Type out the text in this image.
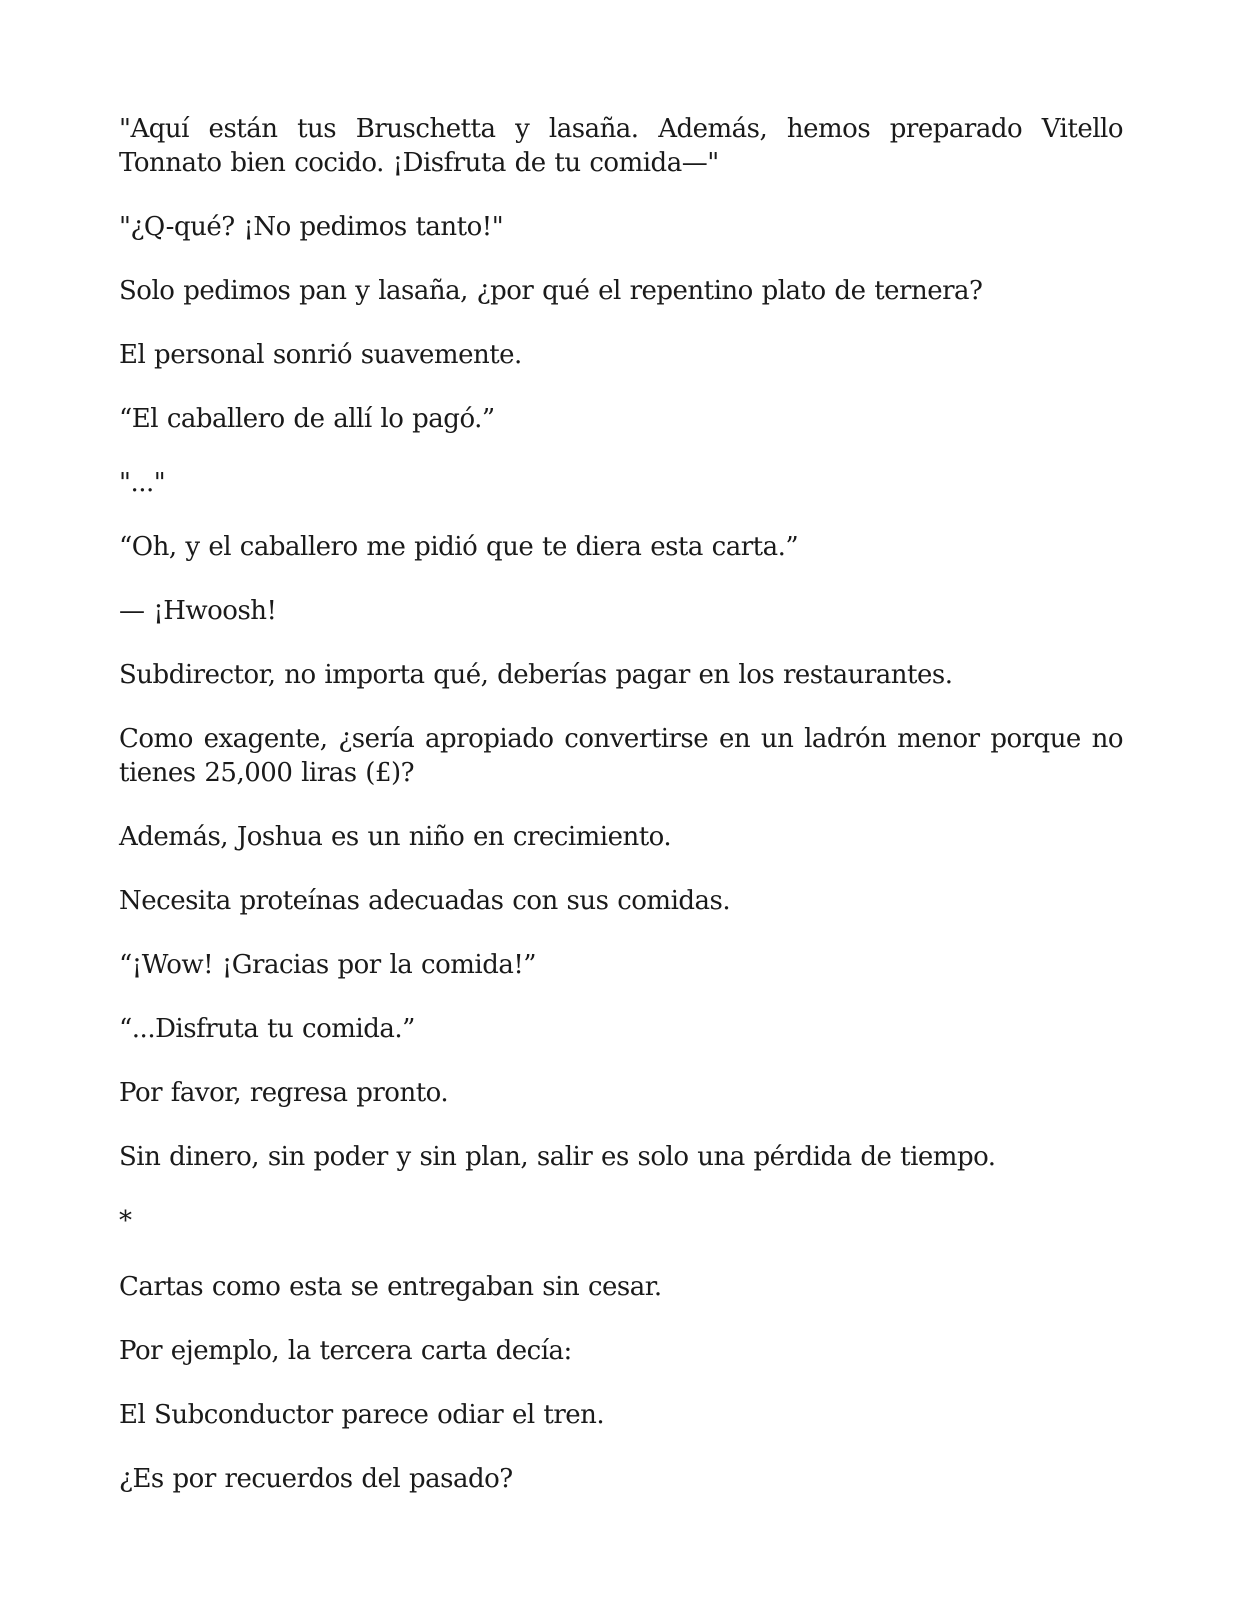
"Aquí están tus Bruschetta y lasaña. Además, hemos preparado Vitello Tonnato bien cocido. ¡Disfruta de tu comida—"

"¿Q-qué? ¡No pedimos tanto!"

Solo pedimos pan y lasaña, ¿por qué el repentino plato de ternera?

El personal sonrió suavemente.

“El caballero de allí lo pagó.”

"..."

“Oh, y el caballero me pidió que te diera esta carta.”

— ¡Hwoosh!

Subdirector, no importa qué, deberías pagar en los restaurantes.

Como exagente, ¿sería apropiado convertirse en un ladrón menor porque no tienes 25,000 liras (£)?

Además, Joshua es un niño en crecimiento.

Necesita proteínas adecuadas con sus comidas.

“¡Wow! ¡Gracias por la comida!”

“...Disfruta tu comida.”

Por favor, regresa pronto.

Sin dinero, sin poder y sin plan, salir es solo una pérdida de tiempo.

*

Cartas como esta se entregaban sin cesar.

Por ejemplo, la tercera carta decía:

El Subconductor parece odiar el tren.

¿Es por recuerdos del pasado?
